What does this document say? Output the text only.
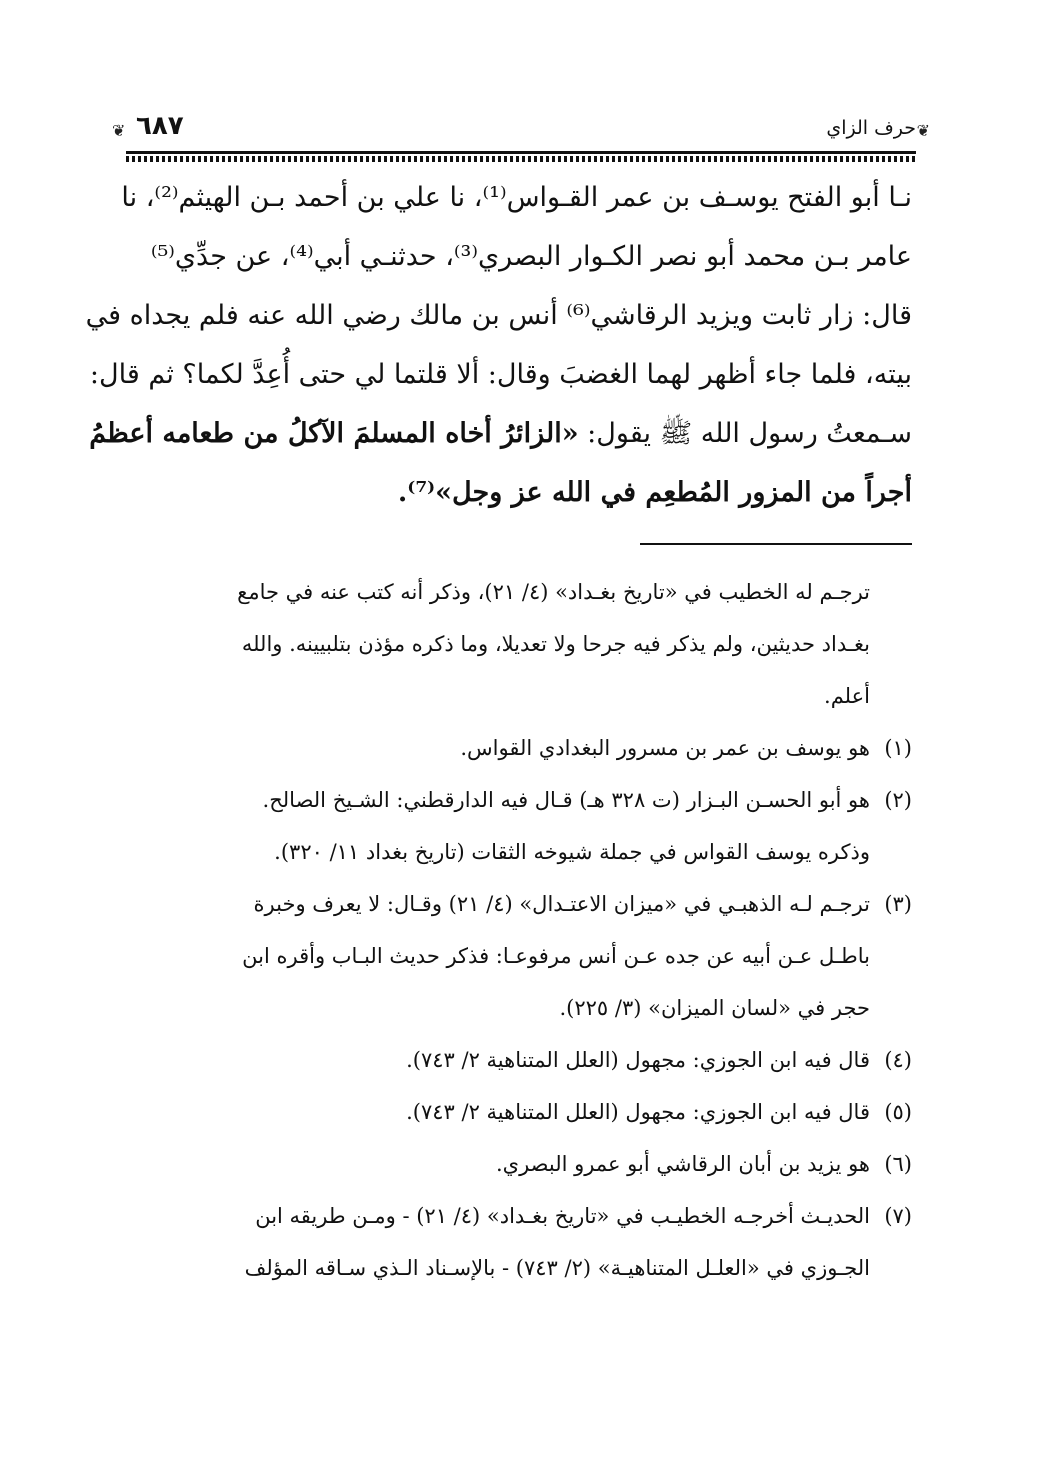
❦
حرف الزاي
٦٨٧
❦
نـا أبو الفتح يوسـف بن عمر القـواس⁽¹⁾، نا علي بن أحمد بـن الهيثم⁽²⁾، نا
عامر بـن محمد أبو نصر الكـوار البصري⁽³⁾، حدثنـي أبي⁽⁴⁾، عن جدِّي⁽⁵⁾
قال: زار ثابت ويزيد الرقاشي⁽⁶⁾ أنس بن مالك رضي الله عنه فلم يجداه في
بيته، فلما جاء أظهر لهما الغضبَ وقال: ألا قلتما لي حتى أُعِدَّ لكما؟ ثم قال:
سـمعتُ رسول الله ﷺ يقول: «الزائرُ أخاه المسلمَ الآكلُ من طعامه أعظمُ
أجراً من المزور المُطعِم في الله عز وجل»⁽⁷⁾.
ترجـم له الخطيب في «تاريخ بغـداد» (٤/ ٢١)، وذكر أنه كتب عنه في جامع
بغـداد حديثين، ولم يذكر فيه جرحا ولا تعديلا، وما ذكره مؤذن بتلبيينه. والله
أعلم.
(١)
هو يوسف بن عمر بن مسرور البغدادي القواس.
(٢)
هو أبو الحسـن البـزار (ت ٣٢٨ هـ) قـال فيه الدارقطني: الشـيخ الصالح.
وذكره يوسف القواس في جملة شيوخه الثقات (تاريخ بغداد ١١/ ٣٢٠).
(٣)
ترجـم لـه الذهبـي في «ميزان الاعتـدال» (٤/ ٢١) وقـال: لا يعرف وخبرة
باطـل عـن أبيه عن جده عـن أنس مرفوعـا: فذكر حديث البـاب وأقره ابن
حجر في «لسان الميزان» (٣/ ٢٢٥).
(٤)
قال فيه ابن الجوزي: مجهول (العلل المتناهية ٢/ ٧٤٣).
(٥)
قال فيه ابن الجوزي: مجهول (العلل المتناهية ٢/ ٧٤٣).
(٦)
هو يزيد بن أبان الرقاشي أبو عمرو البصري.
(٧)
الحديـث أخرجـه الخطيـب في «تاريخ بغـداد» (٤/ ٢١) - ومـن طريقه ابن
الجـوزي في «العلـل المتناهيـة» (٢/ ٧٤٣) - بالإسـناد الـذي سـاقه المؤلف
